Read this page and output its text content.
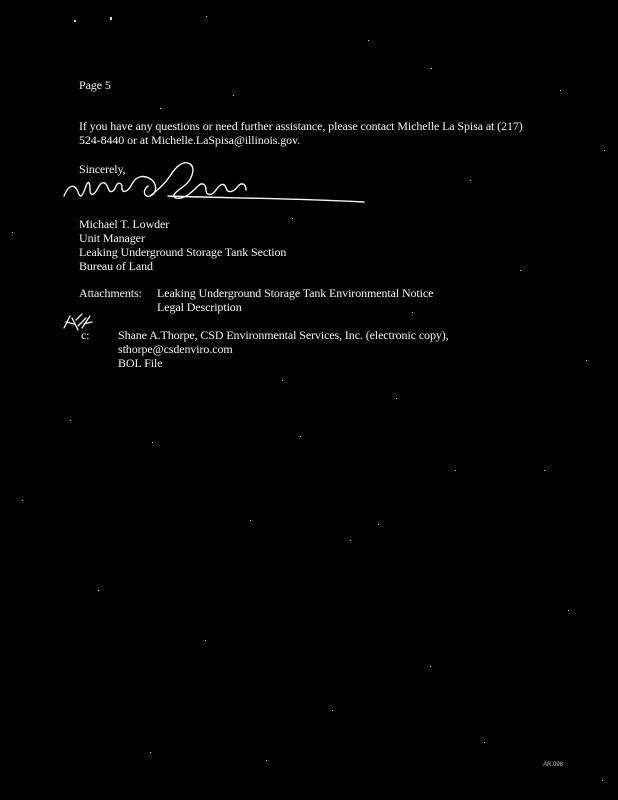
Page 5
If you have any questions or need further assistance, please contact Michelle La Spisa at (217)
524-8440 or at Michelle.LaSpisa@illinois.gov.
Sincerely,
Michael T. Lowder
Unit Manager
Leaking Underground Storage Tank Section
Bureau of Land
Attachments: Leaking Underground Storage Tank Environmental Notice
Legal Description
c: Shane A.Thorpe, CSD Environmental Services, Inc. (electronic copy),
sthorpe@csdenviro.com
BOL File
AR.098
